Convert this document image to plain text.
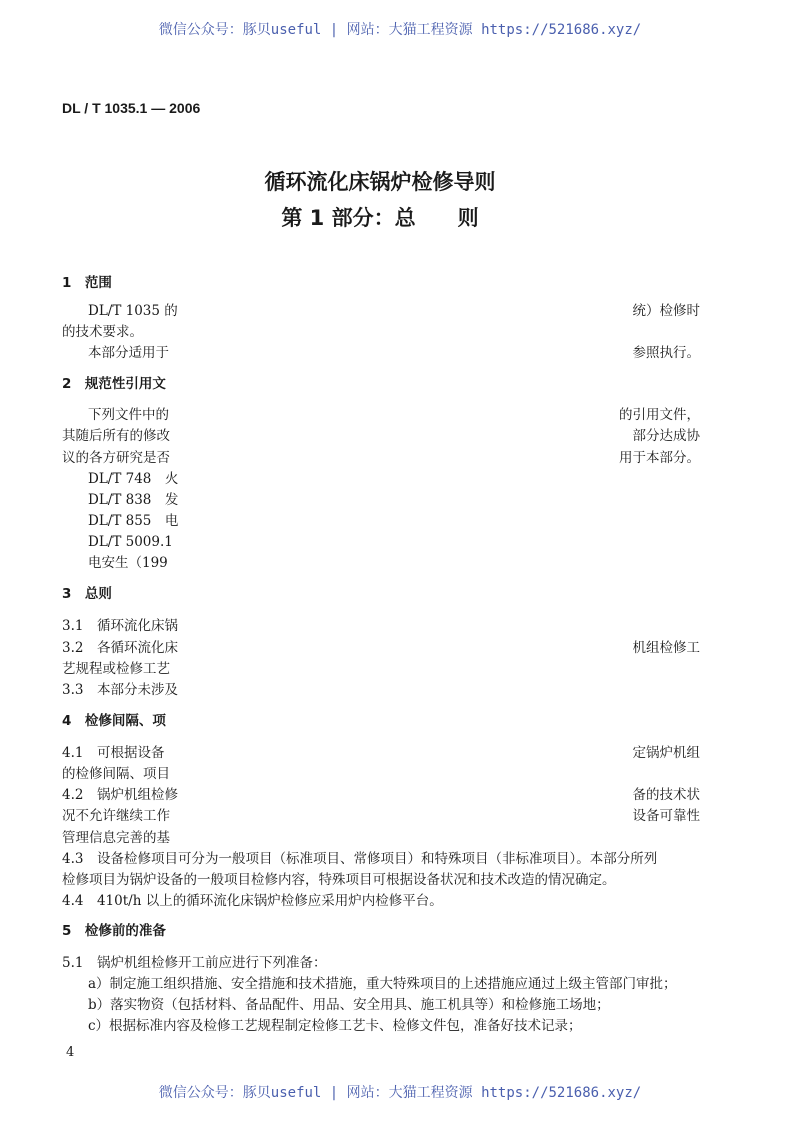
微信公众号：豚贝useful | 网站：大猫工程资源 https://521686.xyz/
DL / T 1035.1 — 2006
循环流化床锅炉检修导则
第 1 部分：总　　则
1　范围
DL/T 1035 的	统）检修时
的技术要求。
本部分适用于	参照执行。
2　规范性引用文
下列文件中的	的引用文件，
其随后所有的修改	部分达成协
议的各方研究是否	用于本部分。
DL/T 748　火
DL/T 838　发
DL/T 855　电
DL/T 5009.1
电安生（199
3　总则
3.1　循环流化床锅
3.2　各循环流化床	机组检修工
艺规程或检修工艺
3.3　本部分未涉及
4　检修间隔、项
4.1　可根据设备	定锅炉机组
的检修间隔、项目
4.2　锅炉机组检修	备的技术状
况不允许继续工作	设备可靠性
管理信息完善的基
4.3　设备检修项目可分为一般项目（标准项目、常修项目）和特殊项目（非标准项目）。本部分所列
检修项目为锅炉设备的一般项目检修内容，特殊项目可根据设备状况和技术改造的情况确定。
4.4　410t/h 以上的循环流化床锅炉检修应采用炉内检修平台。
5　检修前的准备
5.1　锅炉机组检修开工前应进行下列准备：
a）制定施工组织措施、安全措施和技术措施，重大特殊项目的上述措施应通过上级主管部门审批；
b）落实物资（包括材料、备品配件、用品、安全用具、施工机具等）和检修施工场地；
c）根据标准内容及检修工艺规程制定检修工艺卡、检修文件包，准备好技术记录；
4
微信公众号：豚贝useful | 网站：大猫工程资源 https://521686.xyz/
